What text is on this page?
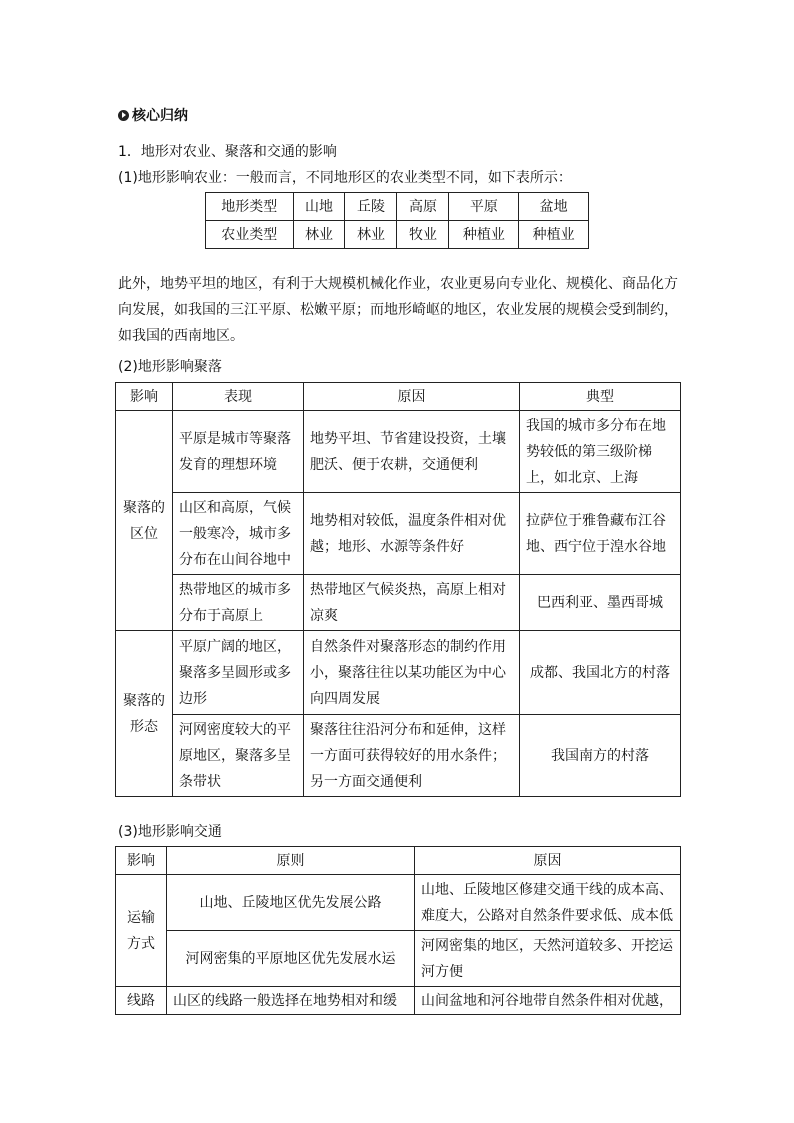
核心归纳
1．地形对农业、聚落和交通的影响
(1)地形影响农业：一般而言，不同地形区的农业类型不同，如下表所示：
地形类型	山地	丘陵	高原	平原	盆地
农业类型	林业	林业	牧业	种植业	种植业
此外，地势平坦的地区，有利于大规模机械化作业，农业更易向专业化、规模化、商品化方向发展，如我国的三江平原、松嫩平原；而地形崎岖的地区，农业发展的规模会受到制约，如我国的西南地区。
(2)地形影响聚落
影响	表现	原因	典型
聚落的区位	平原是城市等聚落发育的理想环境	地势平坦、节省建设投资，土壤肥沃、便于农耕，交通便利	我国的城市多分布在地势较低的第三级阶梯上，如北京、上海
	山区和高原，气候一般寒冷，城市多分布在山间谷地中	地势相对较低，温度条件相对优越；地形、水源等条件好	拉萨位于雅鲁藏布江谷地、西宁位于湟水谷地
	热带地区的城市多分布于高原上	热带地区气候炎热，高原上相对凉爽	巴西利亚、墨西哥城
聚落的形态	平原广阔的地区，聚落多呈圆形或多边形	自然条件对聚落形态的制约作用小，聚落往往以某功能区为中心向四周发展	成都、我国北方的村落
	河网密度较大的平原地区，聚落多呈条带状	聚落往往沿河分布和延伸，这样一方面可获得较好的用水条件；另一方面交通便利	我国南方的村落
(3)地形影响交通
影响	原则	原因
运输方式	山地、丘陵地区优先发展公路	山地、丘陵地区修建交通干线的成本高、难度大，公路对自然条件要求低、成本低
	河网密集的平原地区优先发展水运	河网密集的地区，天然河道较多、开挖运河方便
线路	山区的线路一般选择在地势相对和缓	山间盆地和河谷地带自然条件相对优越，
